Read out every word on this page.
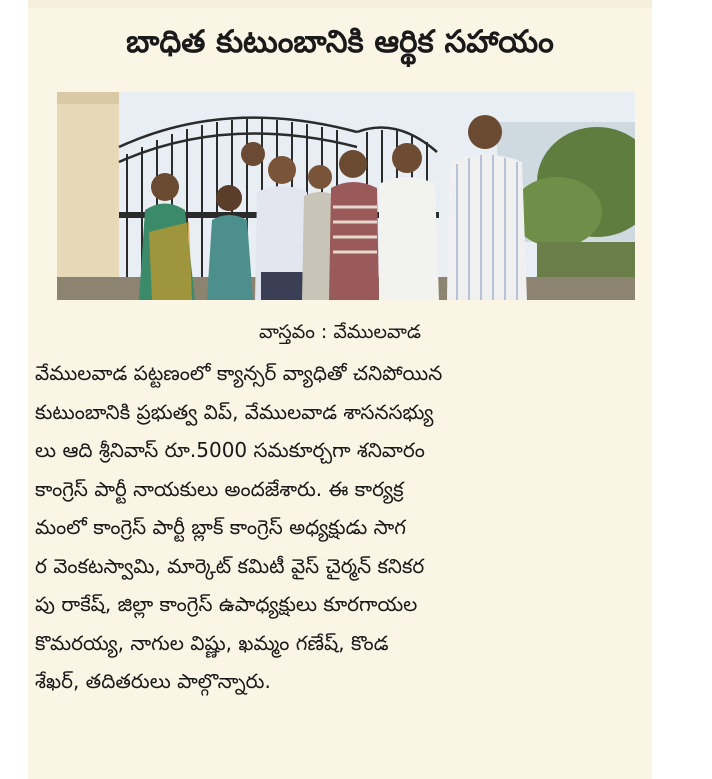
బాధిత కుటుంబానికి ఆర్థిక సహాయం
వాస్తవం : వేములవాడ
వేములవాడ పట్టణంలో క్యాన్సర్ వ్యాధితో చనిపోయిన
కుటుంబానికి ప్రభుత్వ విప్, వేములవాడ శాసనసభ్యు
లు ఆది శ్రీనివాస్ రూ.5000 సమకూర్చగా శనివారం
కాంగ్రెస్ పార్టీ నాయకులు అందజేశారు. ఈ కార్యక్ర
మంలో కాంగ్రెస్ పార్టీ బ్లాక్ కాంగ్రెస్ అధ్యక్షుడు సాగ
ర వెంకటస్వామి, మార్కెట్ కమిటీ వైస్ చైర్మన్ కనికర
పు రాకేష్, జిల్లా కాంగ్రెస్ ఉపాధ్యక్షులు కూరగాయల
కొమరయ్య, నాగుల విష్ణు, ఖమ్మం గణేష్, కొండ
శేఖర్, తదితరులు పాల్గొన్నారు.
